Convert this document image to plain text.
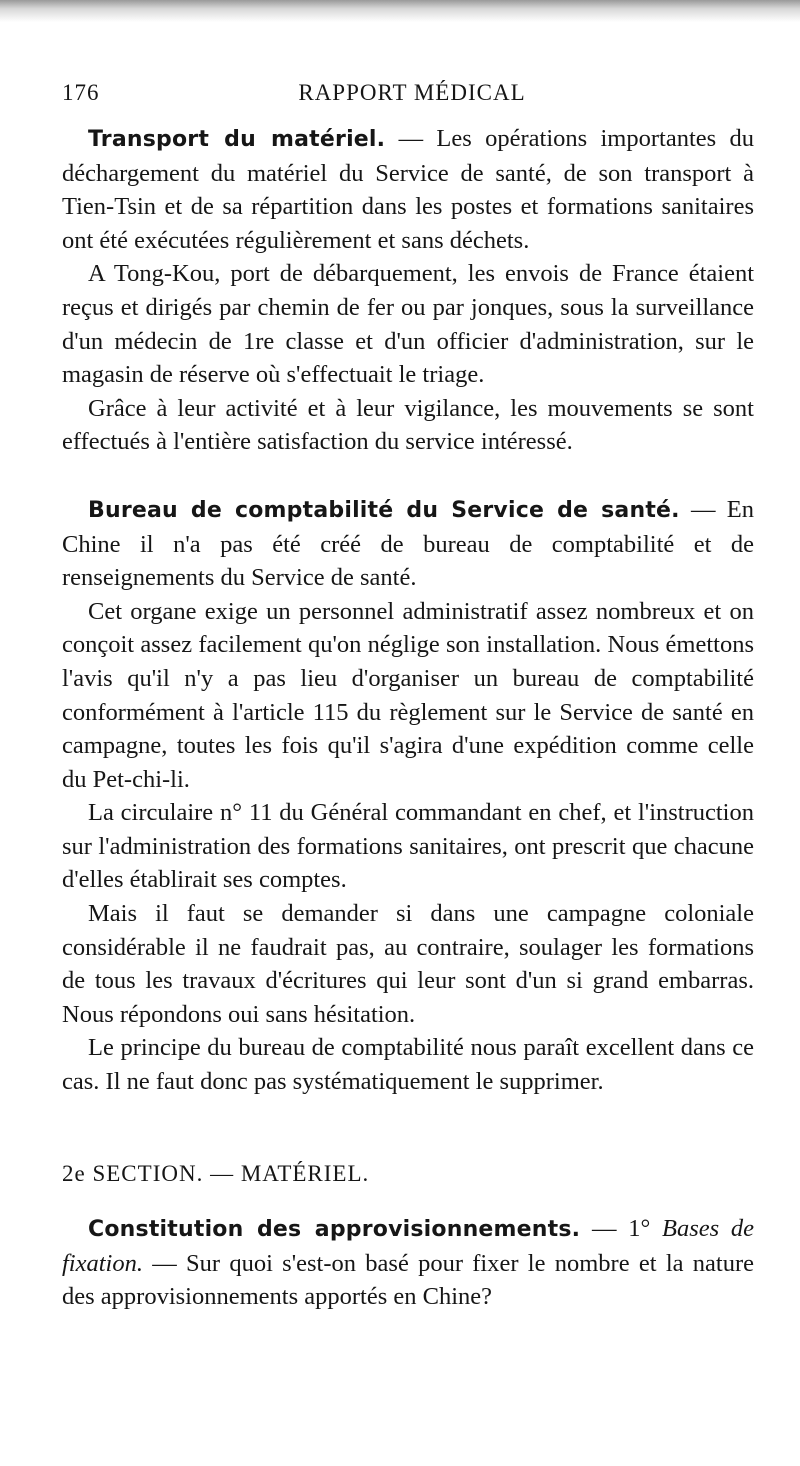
176	RAPPORT MÉDICAL

Transport du matériel. — Les opérations importantes du déchargement du matériel du Service de santé, de son transport à Tien-Tsin et de sa répartition dans les postes et formations sanitaires ont été exécutées régulièrement et sans déchets.

A Tong-Kou, port de débarquement, les envois de France étaient reçus et dirigés par chemin de fer ou par jonques, sous la surveillance d'un médecin de 1re classe et d'un officier d'administration, sur le magasin de réserve où s'effectuait le triage.

Grâce à leur activité et à leur vigilance, les mouvements se sont effectués à l'entière satisfaction du service intéressé.

Bureau de comptabilité du Service de santé. — En Chine il n'a pas été créé de bureau de comptabilité et de renseignements du Service de santé.

Cet organe exige un personnel administratif assez nombreux et on conçoit assez facilement qu'on néglige son installation. Nous émettons l'avis qu'il n'y a pas lieu d'organiser un bureau de comptabilité conformément à l'article 115 du règlement sur le Service de santé en campagne, toutes les fois qu'il s'agira d'une expédition comme celle du Pet-chi-li.

La circulaire n° 11 du Général commandant en chef, et l'instruction sur l'administration des formations sanitaires, ont prescrit que chacune d'elles établirait ses comptes.

Mais il faut se demander si dans une campagne coloniale considérable il ne faudrait pas, au contraire, soulager les formations de tous les travaux d'écritures qui leur sont d'un si grand embarras. Nous répondons oui sans hésitation.

Le principe du bureau de comptabilité nous paraît excellent dans ce cas. Il ne faut donc pas systématiquement le supprimer.

2e SECTION. — MATÉRIEL.

Constitution des approvisionnements. — 1° Bases de fixation. — Sur quoi s'est-on basé pour fixer le nombre et la nature des approvisionnements apportés en Chine?
